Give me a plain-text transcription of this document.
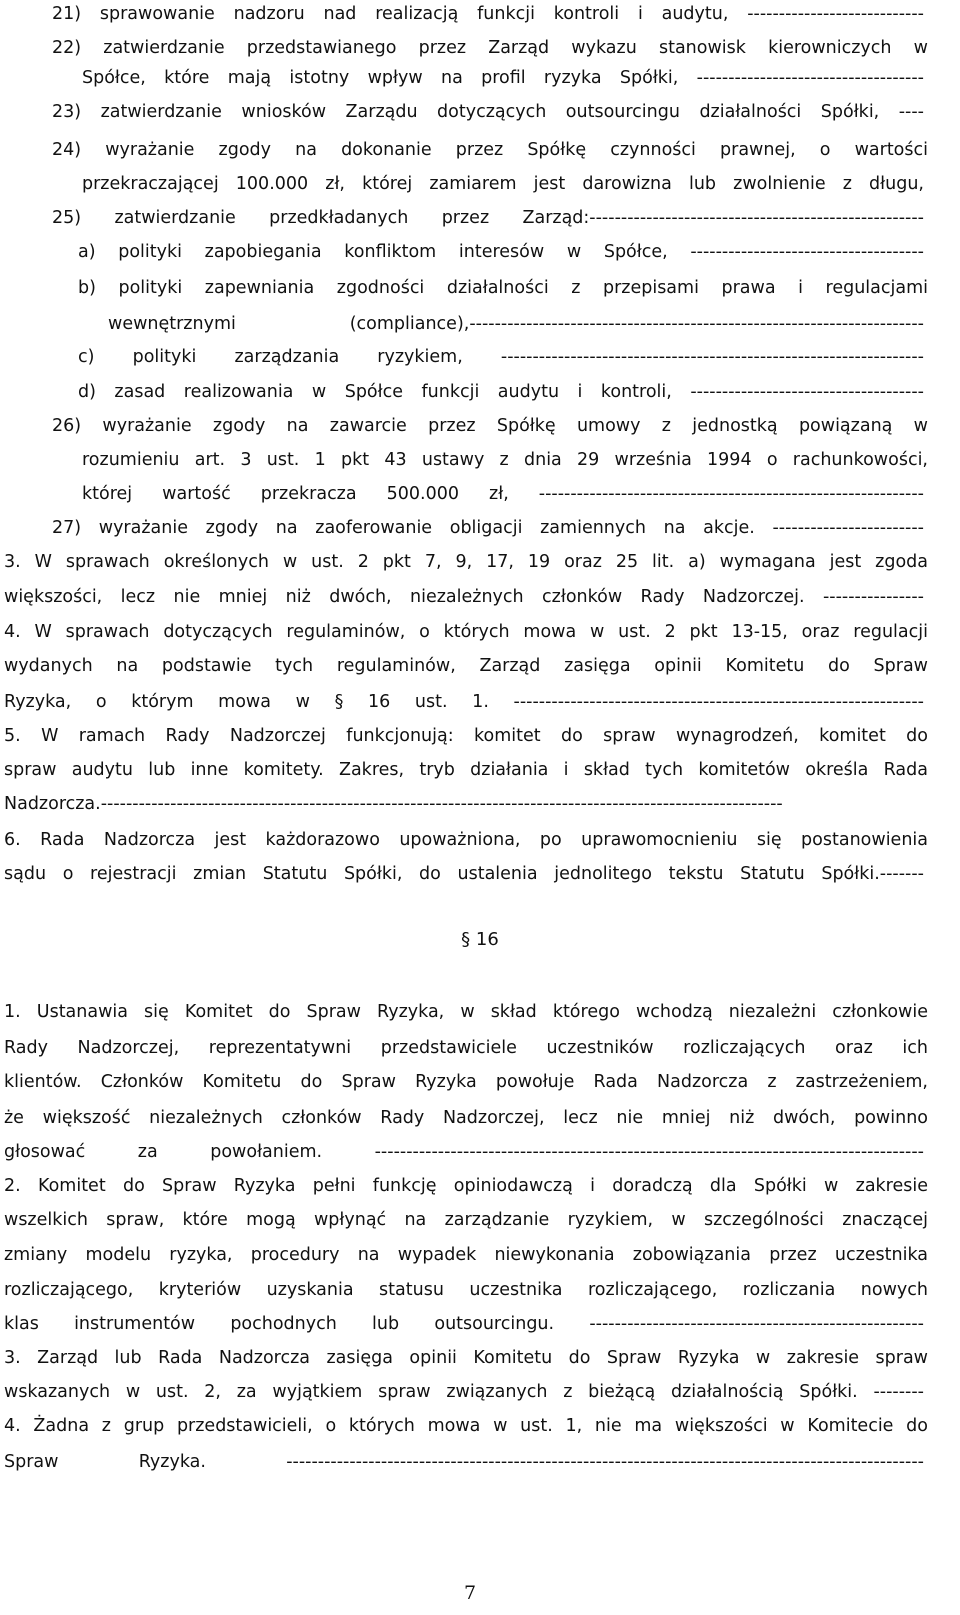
21) sprawowanie nadzoru nad realizacją funkcji kontroli i audytu, ----------------------------
22) zatwierdzanie przedstawianego przez Zarząd wykazu stanowisk kierowniczych w
Spółce, które mają istotny wpływ na profil ryzyka Spółki, ------------------------------------
23) zatwierdzanie wniosków Zarządu dotyczących outsourcingu działalności Spółki, ----
24) wyrażanie zgody na dokonanie przez Spółkę czynności prawnej, o wartości
przekraczającej 100.000 zł, której zamiarem jest darowizna lub zwolnienie z długu,
25) zatwierdzanie przedkładanych przez Zarząd:-----------------------------------------------------
a) polityki zapobiegania konfliktom interesów w Spółce, -------------------------------------
b) polityki zapewniania zgodności działalności z przepisami prawa i regulacjami
wewnętrznymi (compliance),------------------------------------------------------------------------
c) polityki zarządzania ryzykiem, -------------------------------------------------------------------
d) zasad realizowania w Spółce funkcji audytu i kontroli, -------------------------------------
26) wyrażanie zgody na zawarcie przez Spółkę umowy z jednostką powiązaną w
rozumieniu art. 3 ust. 1 pkt 43 ustawy z dnia 29 września 1994 o rachunkowości,
której wartość przekracza 500.000 zł, -------------------------------------------------------------
27) wyrażanie zgody na zaoferowanie obligacji zamiennych na akcje. ------------------------
3. W sprawach określonych w ust. 2 pkt 7, 9, 17, 19 oraz 25 lit. a) wymagana jest zgoda
większości, lecz nie mniej niż dwóch, niezależnych członków Rady Nadzorczej. ----------------
4. W sprawach dotyczących regulaminów, o których mowa w ust. 2 pkt 13-15, oraz regulacji
wydanych na podstawie tych regulaminów, Zarząd zasięga opinii Komitetu do Spraw
Ryzyka, o którym mowa w § 16 ust. 1. -----------------------------------------------------------------
5. W ramach Rady Nadzorczej funkcjonują: komitet do spraw wynagrodzeń, komitet do
spraw audytu lub inne komitety. Zakres, tryb działania i skład tych komitetów określa Rada
Nadzorcza.------------------------------------------------------------------------------------------------------------
6. Rada Nadzorcza jest każdorazowo upoważniona, po uprawomocnieniu się postanowienia
sądu o rejestracji zmian Statutu Spółki, do ustalenia jednolitego tekstu Statutu Spółki.-------
§ 16
1. Ustanawia się Komitet do Spraw Ryzyka, w skład którego wchodzą niezależni członkowie
Rady Nadzorczej, reprezentatywni przedstawiciele uczestników rozliczających oraz ich
klientów. Członków Komitetu do Spraw Ryzyka powołuje Rada Nadzorcza z zastrzeżeniem,
że większość niezależnych członków Rady Nadzorczej, lecz nie mniej niż dwóch, powinno
głosować za powołaniem. ---------------------------------------------------------------------------------------
2. Komitet do Spraw Ryzyka pełni funkcję opiniodawczą i doradczą dla Spółki w zakresie
wszelkich spraw, które mogą wpłynąć na zarządzanie ryzykiem, w szczególności znaczącej
zmiany modelu ryzyka, procedury na wypadek niewykonania zobowiązania przez uczestnika
rozliczającego, kryteriów uzyskania statusu uczestnika rozliczającego, rozliczania nowych
klas instrumentów pochodnych lub outsourcingu. -----------------------------------------------------
3. Zarząd lub Rada Nadzorcza zasięga opinii Komitetu do Spraw Ryzyka w zakresie spraw
wskazanych w ust. 2, za wyjątkiem spraw związanych z bieżącą działalnością Spółki. --------
4. Żadna z grup przedstawicieli, o których mowa w ust. 1, nie ma większości w Komitecie do
Spraw Ryzyka. -----------------------------------------------------------------------------------------------------
7
